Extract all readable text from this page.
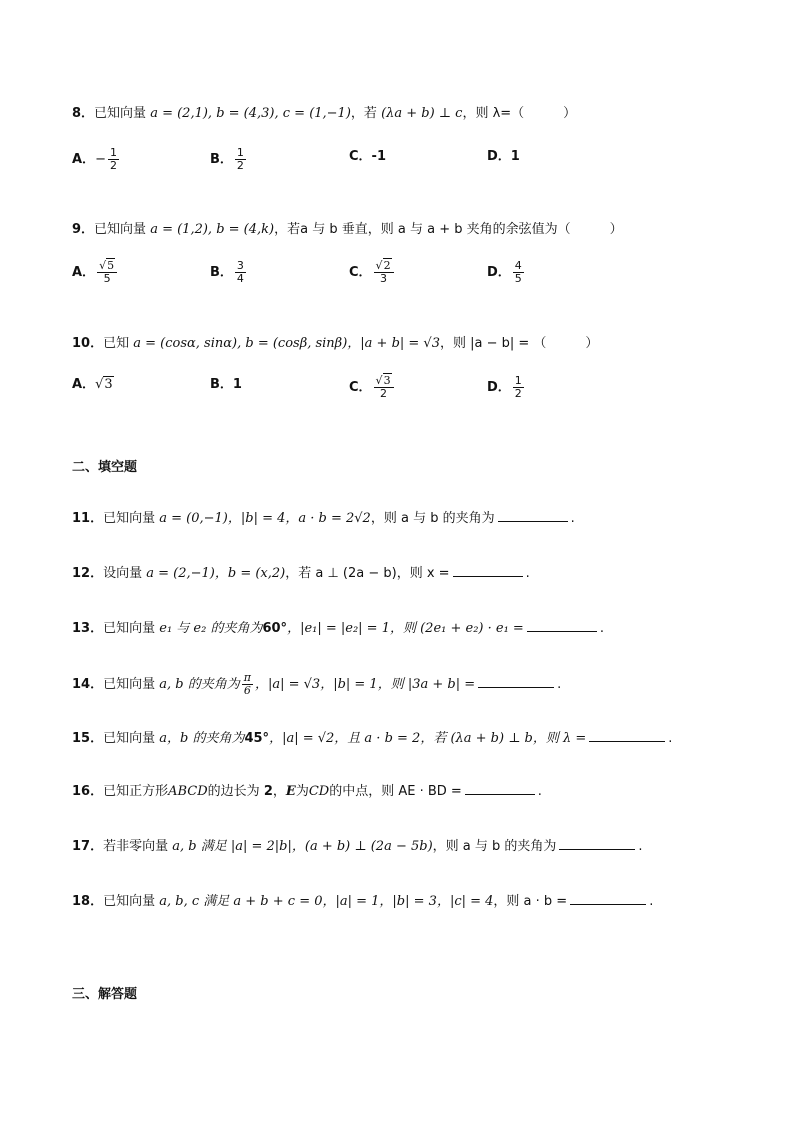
8．已知向量 a = (2,1), b = (4,3), c = (1,−1)，若 (λa + b) ⊥ c，则 λ=（　　　）
A．− $\frac{1}{2}$	B． $\frac{1}{2}$	C．-1	D．1
9．已知向量 a = (1,2), b = (4,k)，若a 与 b 垂直，则 a 与 a + b 夹角的余弦值为（　　　）
A． $\frac{√5}{5}$	B． $\frac{3}{4}$	C． $\frac{√2}{3}$	D． $\frac{4}{5}$
10．已知 a = (cosα, sinα), b = (cosβ, sinβ)，|a + b| = √3，则 |a − b| = （　　　）
A．√3	B．1	C． $\frac{√3}{2}$	D． $\frac{1}{2}$
二、填空题
11．已知向量 a = (0,−1)，|b| = 4，a · b = 2√2，则 a 与 b 的夹角为	.
12．设向量 a = (2,−1)，b = (x,2)，若 a ⊥ (2a − b)，则 x =	.
13．已知向量 e₁ 与 e₂ 的夹角为60°，|e₁| = |e₂| = 1，则 (2e₁ + e₂) · e₁ =	.
14．已知向量 a, b 的夹角为 $\frac{\pi}{6}$ ，|a| = √3，|b| = 1，则 |3a + b| =	.
15．已知向量 a，b 的夹角为45°，|a| = √2，且 a · b = 2，若 (λa + b) ⊥ b，则 λ =	.
16．已知正方形ABCD的边长为 2，E为CD的中点，则 AE · BD =	.
17．若非零向量 a, b 满足 |a| = 2|b|，(a + b) ⊥ (2a − 5b)，则 a 与 b 的夹角为	.
18．已知向量 a, b, c 满足 a + b + c = 0，|a| = 1，|b| = 3，|c| = 4，则 a · b =	.
三、解答题
